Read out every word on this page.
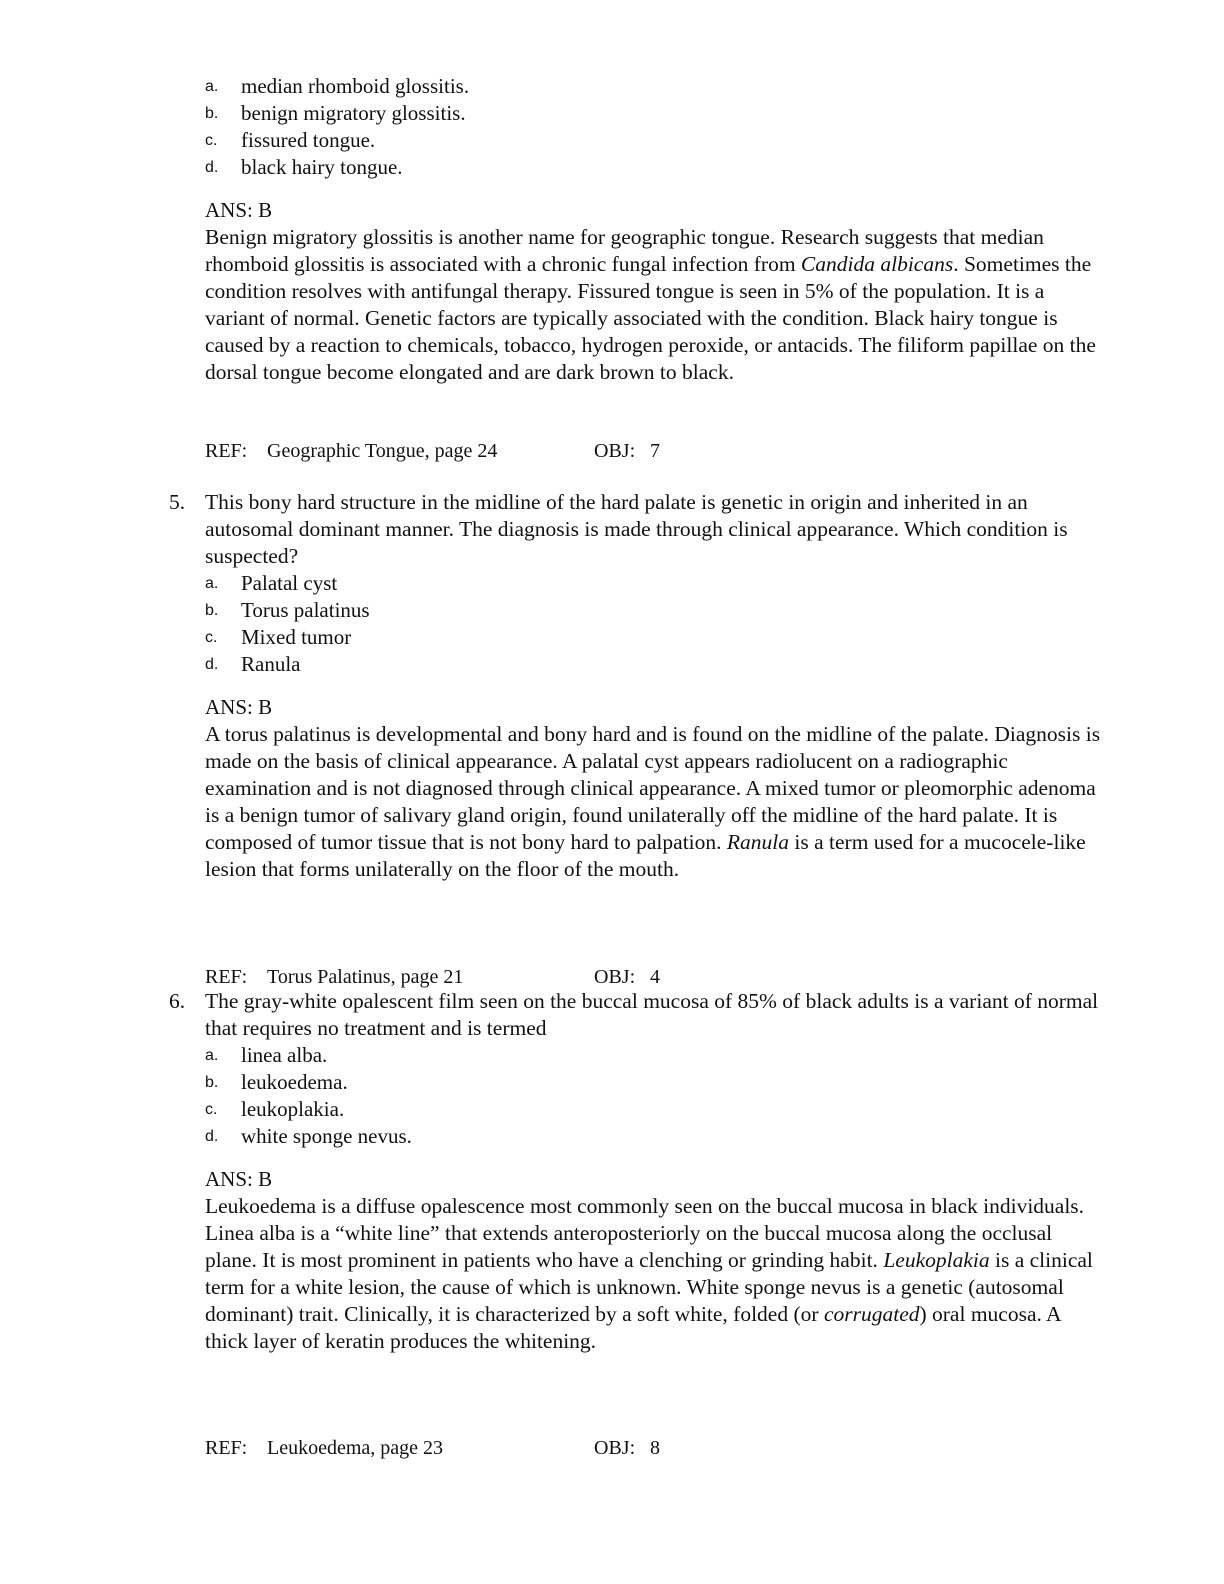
a. median rhomboid glossitis.
b. benign migratory glossitis.
c. fissured tongue.
d. black hairy tongue.
ANS: B
Benign migratory glossitis is another name for geographic tongue. Research suggests that median rhomboid glossitis is associated with a chronic fungal infection from Candida albicans. Sometimes the condition resolves with antifungal therapy. Fissured tongue is seen in 5% of the population. It is a variant of normal. Genetic factors are typically associated with the condition. Black hairy tongue is caused by a reaction to chemicals, tobacco, hydrogen peroxide, or antacids. The filiform papillae on the dorsal tongue become elongated and are dark brown to black.
REF: Geographic Tongue, page 24	OBJ: 7
5. This bony hard structure in the midline of the hard palate is genetic in origin and inherited in an autosomal dominant manner. The diagnosis is made through clinical appearance. Which condition is suspected?
a. Palatal cyst
b. Torus palatinus
c. Mixed tumor
d. Ranula
ANS: B
A torus palatinus is developmental and bony hard and is found on the midline of the palate. Diagnosis is made on the basis of clinical appearance. A palatal cyst appears radiolucent on a radiographic examination and is not diagnosed through clinical appearance. A mixed tumor or pleomorphic adenoma is a benign tumor of salivary gland origin, found unilaterally off the midline of the hard palate. It is composed of tumor tissue that is not bony hard to palpation. Ranula is a term used for a mucocele-like lesion that forms unilaterally on the floor of the mouth.
REF: Torus Palatinus, page 21	OBJ: 4
6. The gray-white opalescent film seen on the buccal mucosa of 85% of black adults is a variant of normal that requires no treatment and is termed
a. linea alba.
b. leukoedema.
c. leukoplakia.
d. white sponge nevus.
ANS: B
Leukoedema is a diffuse opalescence most commonly seen on the buccal mucosa in black individuals. Linea alba is a “white line” that extends anteroposteriorly on the buccal mucosa along the occlusal plane. It is most prominent in patients who have a clenching or grinding habit. Leukoplakia is a clinical term for a white lesion, the cause of which is unknown. White sponge nevus is a genetic (autosomal dominant) trait. Clinically, it is characterized by a soft white, folded (or corrugated) oral mucosa. A thick layer of keratin produces the whitening.
REF: Leukoedema, page 23	OBJ: 8
